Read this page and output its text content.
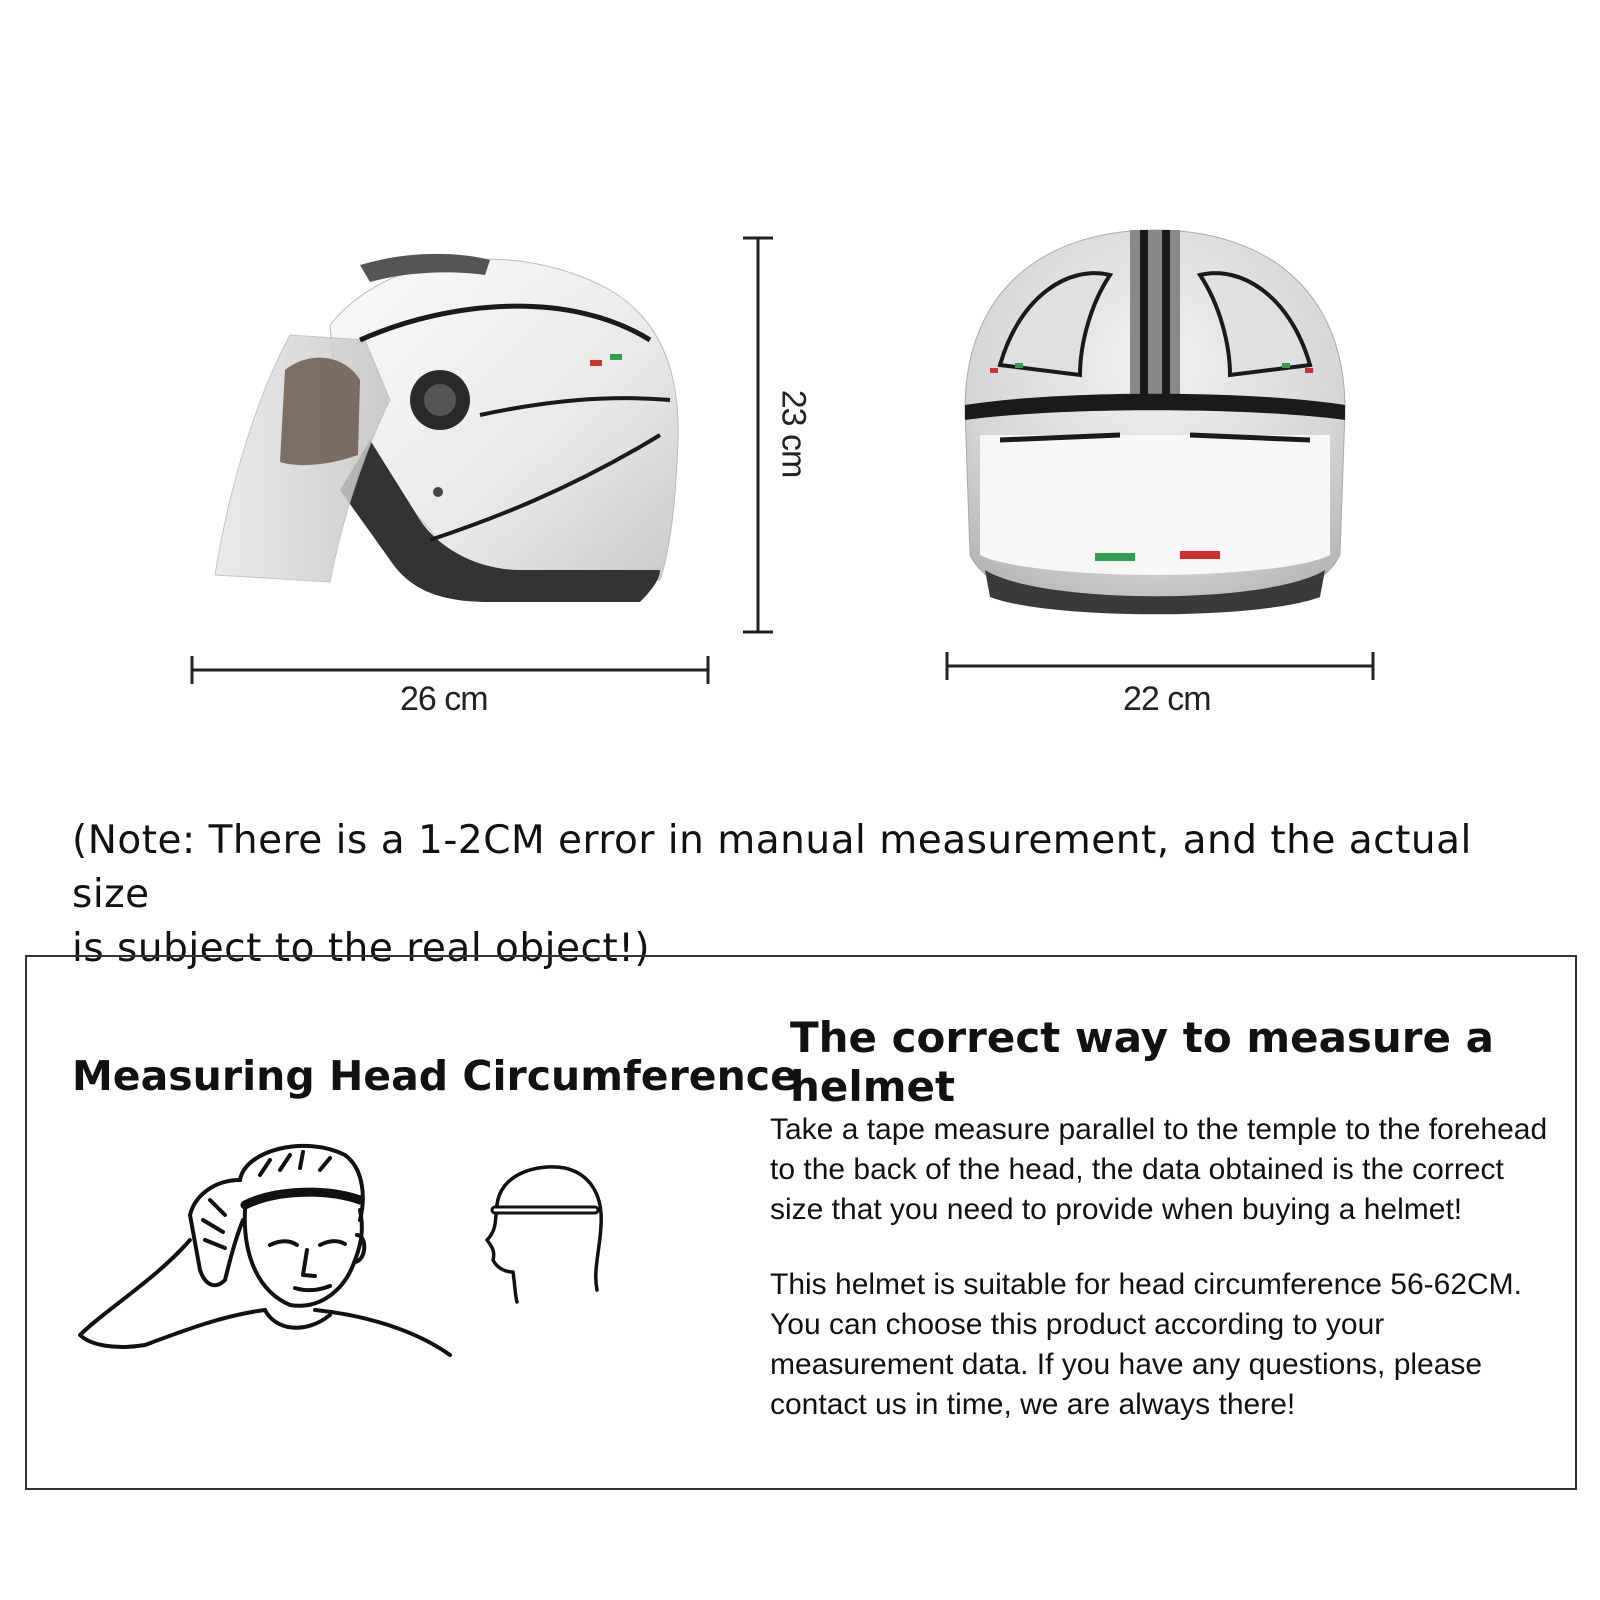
23 cm
26 cm	22 cm
(Note: There is a 1-2CM error in manual measurement, and the actual size
is subject to the real object!)
Measuring Head Circumference
The correct way to measure a helmet
Take a tape measure parallel to the temple to the forehead
to the back of the head, the data obtained is the correct
size that you need to provide when buying a helmet!
This helmet is suitable for head circumference 56-62CM.
You can choose this product according to your
measurement data. If you have any questions, please
contact us in time, we are always there!
